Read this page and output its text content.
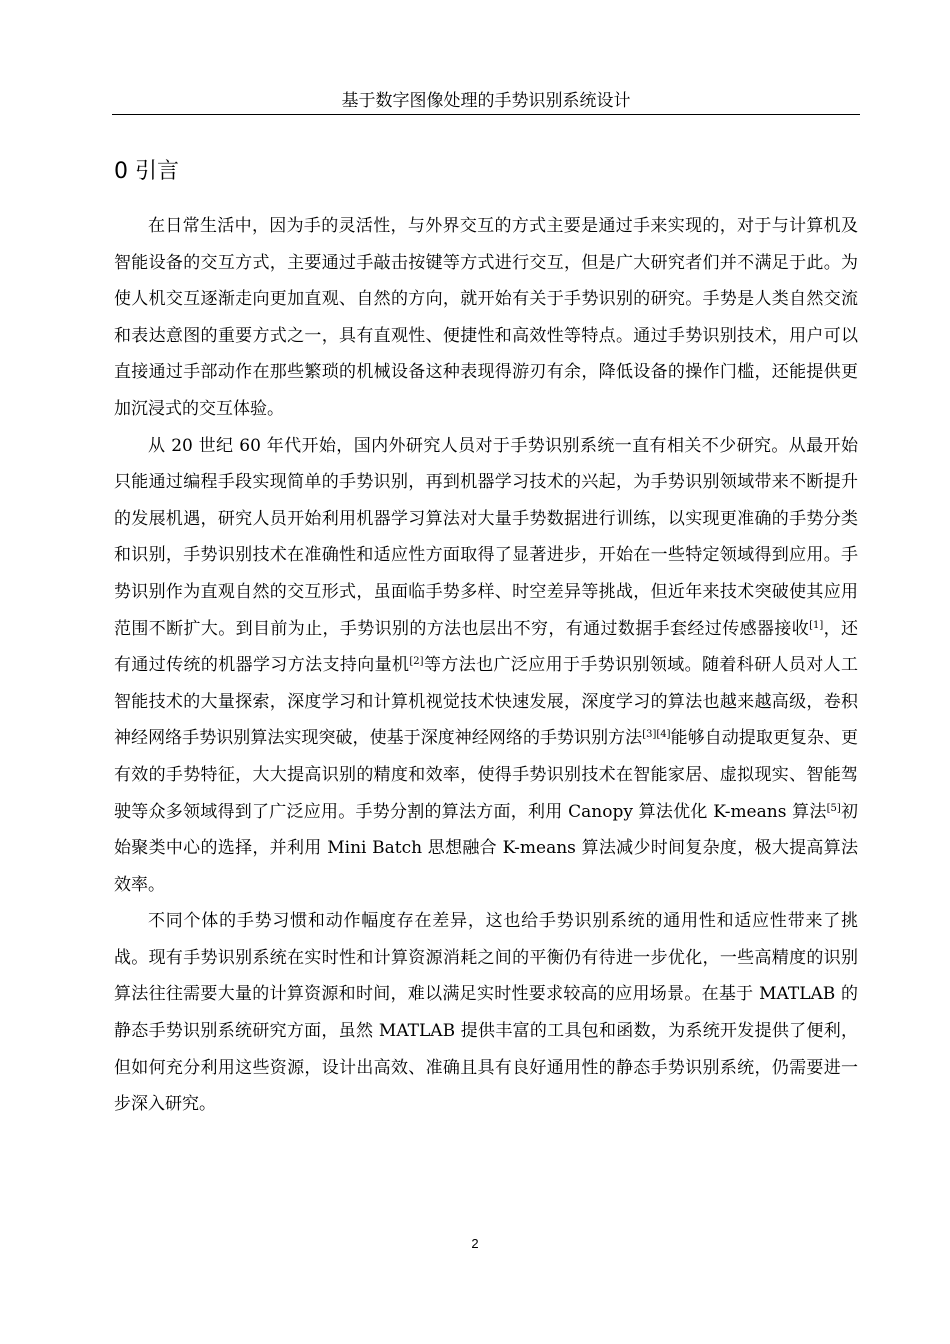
基于数字图像处理的手势识别系统设计
0 引言

在日常生活中，因为手的灵活性，与外界交互的方式主要是通过手来实现的，对于与计算机及智能设备的交互方式，主要通过手敲击按键等方式进行交互，但是广大研究者们并不满足于此。为使人机交互逐渐走向更加直观、自然的方向，就开始有关于手势识别的研究。手势是人类自然交流和表达意图的重要方式之一，具有直观性、便捷性和高效性等特点。通过手势识别技术，用户可以直接通过手部动作在那些繁琐的机械设备这种表现得游刃有余，降低设备的操作门槛，还能提供更加沉浸式的交互体验。

从 20 世纪 60 年代开始，国内外研究人员对于手势识别系统一直有相关不少研究。从最开始只能通过编程手段实现简单的手势识别，再到机器学习技术的兴起，为手势识别领域带来不断提升的发展机遇，研究人员开始利用机器学习算法对大量手势数据进行训练，以实现更准确的手势分类和识别，手势识别技术在准确性和适应性方面取得了显著进步，开始在一些特定领域得到应用。手势识别作为直观自然的交互形式，虽面临手势多样、时空差异等挑战，但近年来技术突破使其应用范围不断扩大。到目前为止，手势识别的方法也层出不穷，有通过数据手套经过传感器接收[1]，还有通过传统的机器学习方法支持向量机[2]等方法也广泛应用于手势识别领域。随着科研人员对人工智能技术的大量探索，深度学习和计算机视觉技术快速发展，深度学习的算法也越来越高级，卷积神经网络手势识别算法实现突破，使基于深度神经网络的手势识别方法[3][4]能够自动提取更复杂、更有效的手势特征，大大提高识别的精度和效率，使得手势识别技术在智能家居、虚拟现实、智能驾驶等众多领域得到了广泛应用。手势分割的算法方面，利用 Canopy 算法优化 K-means 算法[5]初始聚类中心的选择，并利用 Mini Batch 思想融合 K-means 算法减少时间复杂度，极大提高算法效率。

不同个体的手势习惯和动作幅度存在差异，这也给手势识别系统的通用性和适应性带来了挑战。现有手势识别系统在实时性和计算资源消耗之间的平衡仍有待进一步优化，一些高精度的识别算法往往需要大量的计算资源和时间，难以满足实时性要求较高的应用场景。在基于 MATLAB 的静态手势识别系统研究方面，虽然 MATLAB 提供丰富的工具包和函数，为系统开发提供了便利，但如何充分利用这些资源，设计出高效、准确且具有良好通用性的静态手势识别系统，仍需要进一步深入研究。

2
